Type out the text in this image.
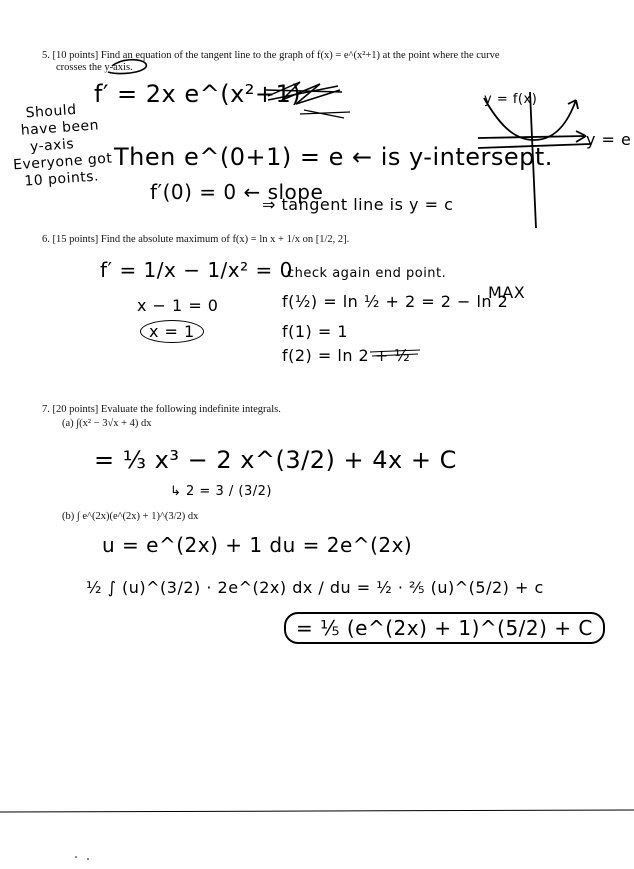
5. [10 points] Find an equation of the tangent line to the graph of f(x) = e^(x²+1) at the point where the curve
crosses the y-axis.
f′ = 2x e^(x²+1)
Then e^(0+1) = e ← is y-intersept.
f′(0) = 0 ← slope
⇒ tangent line is y = c
Should
have been
y-axis
Everyone got
10 points.
y = f(x)
y = e
6. [15 points] Find the absolute maximum of f(x) = ln x + 1/x on [1/2, 2].
f′ = 1/x − 1/x² = 0
x − 1 = 0
x = 1
check again end point.
f(½) = ln ½ + 2 = 2 − ln 2
MAX
f(1) = 1
f(2) = ln 2 + ½
7. [20 points] Evaluate the following indefinite integrals.
(a) ∫(x² − 3√x + 4) dx
(b) ∫ e^(2x)(e^(2x) + 1)^(3/2) dx
= ⅓ x³ − 2 x^(3/2) + 4x + C
↳ 2 = 3 / (3/2)
u = e^(2x) + 1 du = 2e^(2x)
½ ∫ (u)^(3/2) · 2e^(2x) dx / du = ½ · ⅖ (u)^(5/2) + c
= ⅕ (e^(2x) + 1)^(5/2) + C
